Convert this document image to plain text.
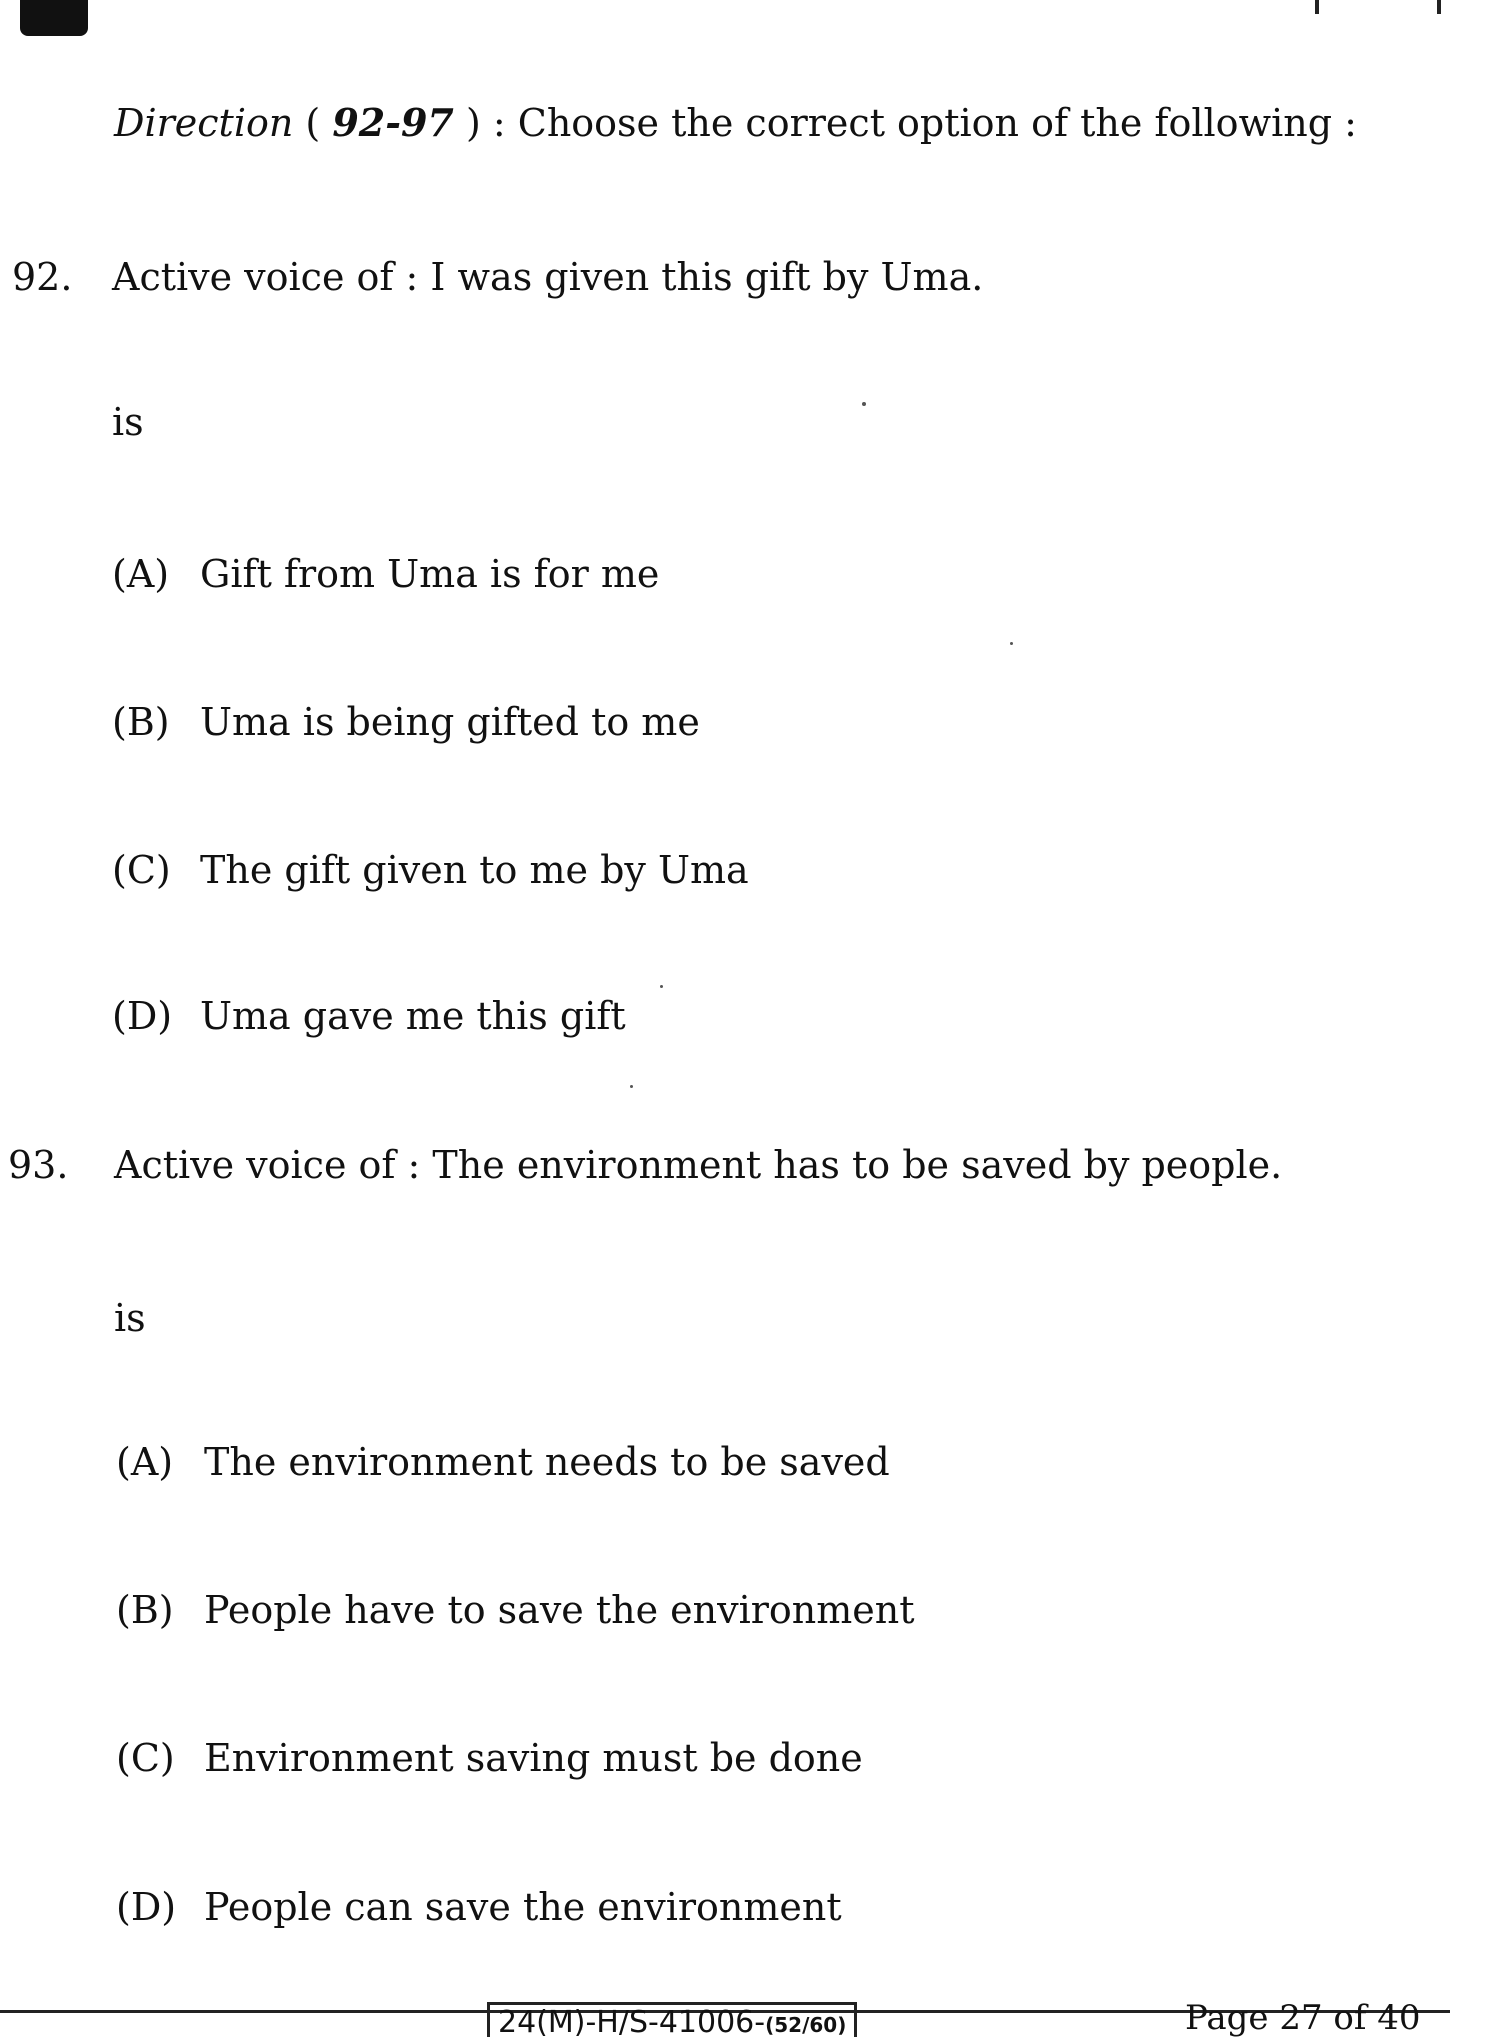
Direction ( 92-97 ) : Choose the correct option of the following :
92. Active voice of : I was given this gift by Uma.
is
(A) Gift from Uma is for me
(B) Uma is being gifted to me
(C) The gift given to me by Uma
(D) Uma gave me this gift
93. Active voice of : The environment has to be saved by people.
is
(A) The environment needs to be saved
(B) People have to save the environment
(C) Environment saving must be done
(D) People can save the environment
24(M)-H/S-41006-(52/60)	Page 27 of 40
